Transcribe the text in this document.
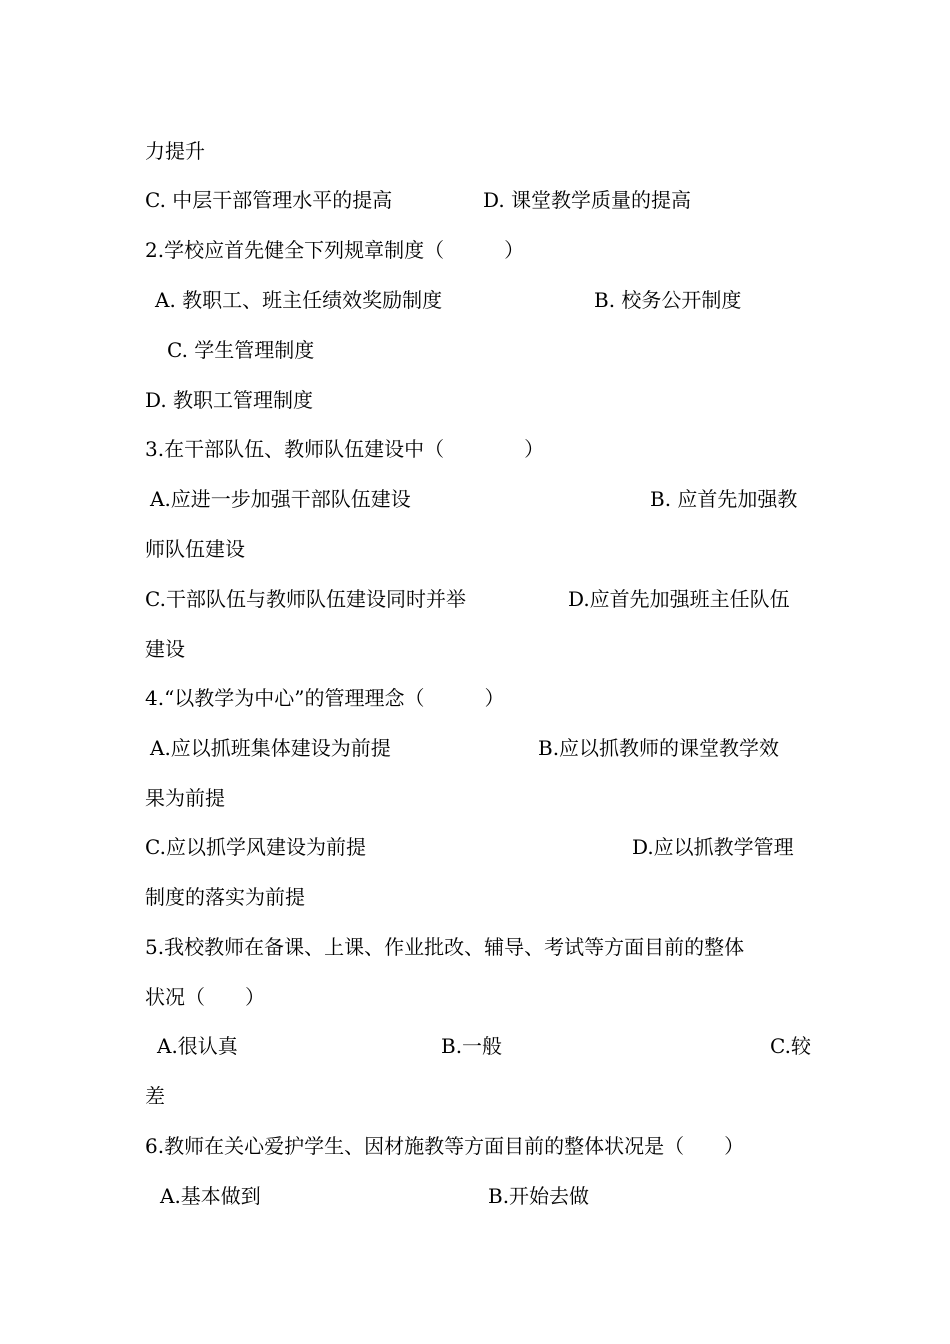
力提升
C. 中层干部管理水平的提高	D. 课堂教学质量的提高
2.学校应首先健全下列规章制度（　　　）
A. 教职工、班主任绩效奖励制度	B. 校务公开制度
C. 学生管理制度
D. 教职工管理制度
3.在干部队伍、教师队伍建设中（　　　　）
A.应进一步加强干部队伍建设	B. 应首先加强教
师队伍建设
C.干部队伍与教师队伍建设同时并举	D.应首先加强班主任队伍
建设
4.“以教学为中心”的管理理念（　　　）
A.应以抓班集体建设为前提	B.应以抓教师的课堂教学效
果为前提
C.应以抓学风建设为前提	D.应以抓教学管理
制度的落实为前提
5.我校教师在备课、上课、作业批改、辅导、考试等方面目前的整体
状况（　　）
A.很认真	B.一般	C.较
差
6.教师在关心爱护学生、因材施教等方面目前的整体状况是（　　）
A.基本做到	B.开始去做
